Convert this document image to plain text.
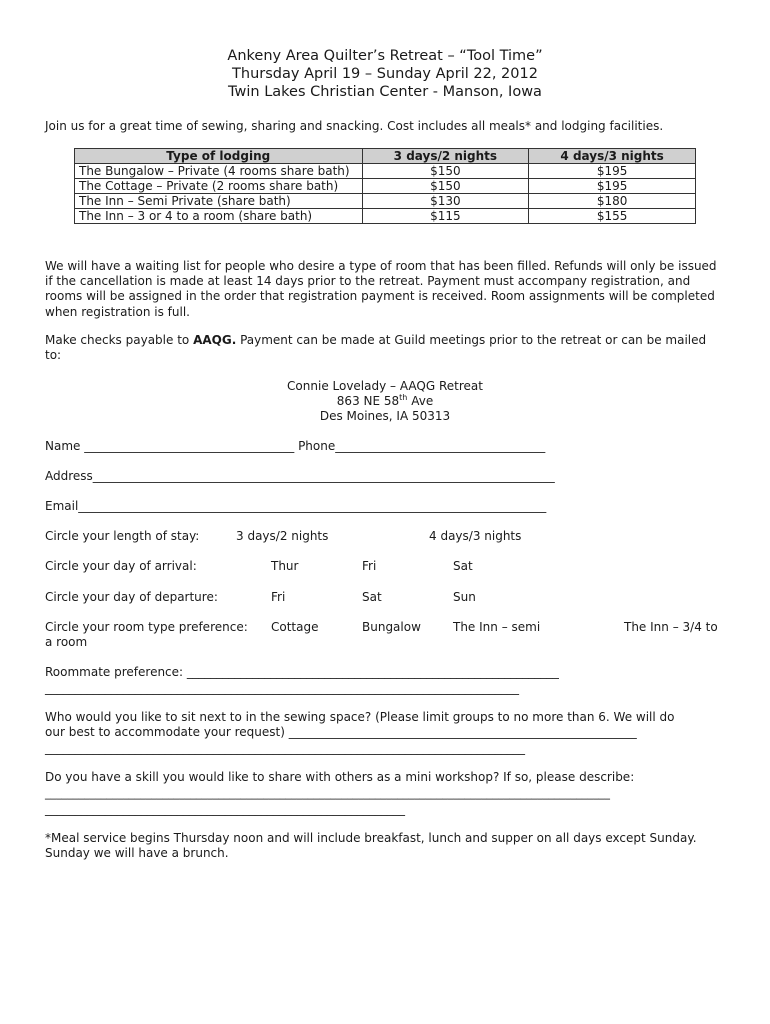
Ankeny Area Quilter’s Retreat – “Tool Time”
Thursday April 19 – Sunday April 22, 2012
Twin Lakes Christian Center - Manson, Iowa
Join us for a great time of sewing, sharing and snacking. Cost includes all meals* and lodging facilities.
Type of lodging	3 days/2 nights	4 days/3 nights
The Bungalow – Private (4 rooms share bath)	$150	$195
The Cottage – Private (2 rooms share bath)	$150	$195
The Inn – Semi Private (share bath)	$130	$180
The Inn – 3 or 4 to a room (share bath)	$115	$155
We will have a waiting list for people who desire a type of room that has been filled. Refunds will only be issued if the cancellation is made at least 14 days prior to the retreat. Payment must accompany registration, and rooms will be assigned in the order that registration payment is received. Room assignments will be completed when registration is full.
Make checks payable to AAQG. Payment can be made at Guild meetings prior to the retreat or can be mailed to:
Connie Lovelady – AAQG Retreat
863 NE 58th Ave
Des Moines, IA 50313
Name ___________________________________ Phone___________________________________
Address_____________________________________________________________________________
Email______________________________________________________________________________
Circle your length of stay:	3 days/2 nights	4 days/3 nights
Circle your day of arrival:	Thur	Fri	Sat
Circle your day of departure:	Fri	Sat	Sun
Circle your room type preference: Cottage	Bungalow	The Inn – semi	The Inn – 3/4 to
a room
Roommate preference: ______________________________________________________________
_______________________________________________________________________________
Who would you like to sit next to in the sewing space? (Please limit groups to no more than 6. We will do
our best to accommodate your request) __________________________________________________________
________________________________________________________________________________
Do you have a skill you would like to share with others as a mini workshop? If so, please describe:
_____________________________________________________________________________________________________
____________________________________________________________
*Meal service begins Thursday noon and will include breakfast, lunch and supper on all days except Sunday. Sunday we will have a brunch.
